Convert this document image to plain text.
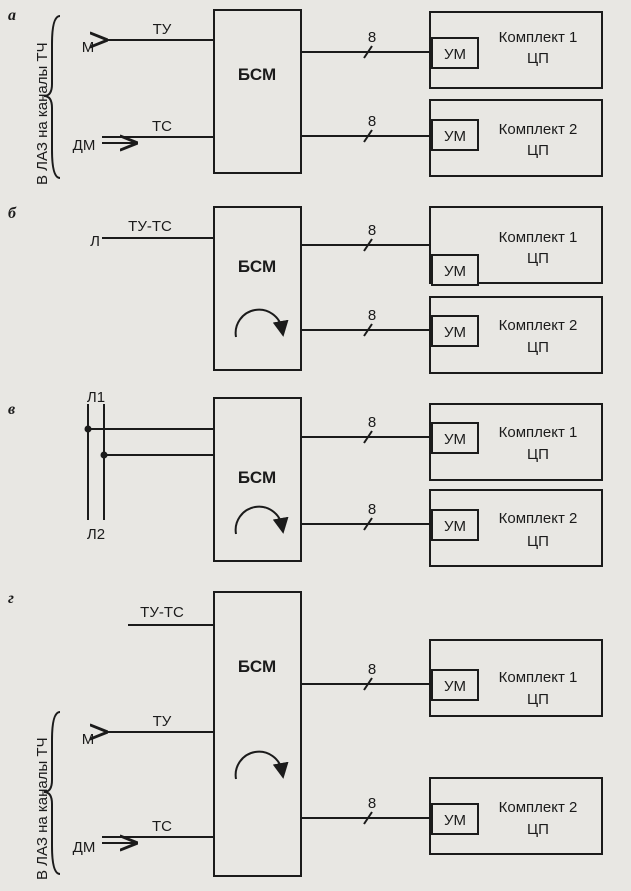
а
В ЛАЗ на каналы ТЧ	БСМ
ТУ
М
ТС
ДМ
8
УМ
Комплект 1
ЦП
8
УМ Комплект 2
ЦП
б
БСМ
ТУ-ТС
Л
8
УМ
Комплект 1
ЦП
8
УМ Комплект 2
ЦП
в
БСМ
Л1
Л2
8
УМ Комплект 1
ЦП
8
УМ Комплект 2
ЦП
г
БСМ
ТУ-ТС
В ЛАЗ на каналы ТЧ
ТУ
М
ТС
ДМ
8
УМ
Комплект 1
ЦП
8
УМ
Комплект 2
ЦП
